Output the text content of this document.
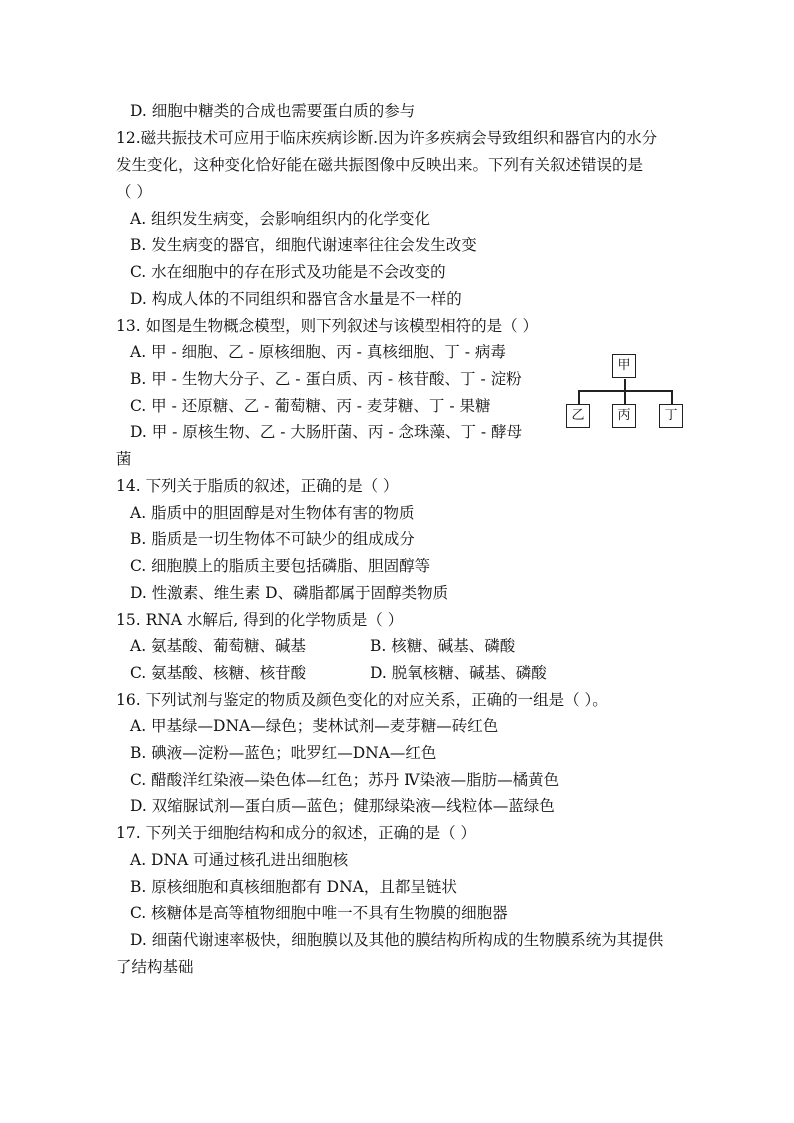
D. 细胞中糖类的合成也需要蛋白质的参与
12.磁共振技术可应用于临床疾病诊断.因为许多疾病会导致组织和器官内的水分
发生变化，这种变化恰好能在磁共振图像中反映出来。下列有关叙述错误的是
（ ）
A. 组织发生病变，会影响组织内的化学变化
B. 发生病变的器官，细胞代谢速率往往会发生改变
C. 水在细胞中的存在形式及功能是不会改变的
D. 构成人体的不同组织和器官含水量是不一样的
13. 如图是生物概念模型，则下列叙述与该模型相符的是（ ）
A. 甲 - 细胞、乙 - 原核细胞、丙 - 真核细胞、丁 - 病毒
B. 甲 - 生物大分子、乙 - 蛋白质、丙 - 核苷酸、丁 - 淀粉
C. 甲 - 还原糖、乙 - 葡萄糖、丙 - 麦芽糖、丁 - 果糖
D. 甲 - 原核生物、乙 - 大肠肝菌、丙 - 念珠藻、丁 - 酵母
菌
甲
乙	丙	丁
14. 下列关于脂质的叙述，正确的是（ ）
A. 脂质中的胆固醇是对生物体有害的物质
B. 脂质是一切生物体不可缺少的组成成分
C. 细胞膜上的脂质主要包括磷脂、胆固醇等
D. 性激素、维生素 D、磷脂都属于固醇类物质
15. RNA 水解后, 得到的化学物质是（ ）
A. 氨基酸、葡萄糖、碱基	B. 核糖、碱基、磷酸
C. 氨基酸、核糖、核苷酸	D. 脱氧核糖、碱基、磷酸
16. 下列试剂与鉴定的物质及颜色变化的对应关系，正确的一组是（ ）。
A. 甲基绿—DNA—绿色；斐林试剂—麦芽糖—砖红色
B. 碘液—淀粉—蓝色；吡罗红—DNA—红色
C. 醋酸洋红染液—染色体—红色；苏丹 Ⅳ染液—脂肪—橘黄色
D. 双缩脲试剂—蛋白质—蓝色；健那绿染液—线粒体—蓝绿色
17. 下列关于细胞结构和成分的叙述，正确的是（ ）
A. DNA 可通过核孔进出细胞核
B. 原核细胞和真核细胞都有 DNA，且都呈链状
C. 核糖体是高等植物细胞中唯一不具有生物膜的细胞器
D. 细菌代谢速率极快，细胞膜以及其他的膜结构所构成的生物膜系统为其提供
了结构基础
